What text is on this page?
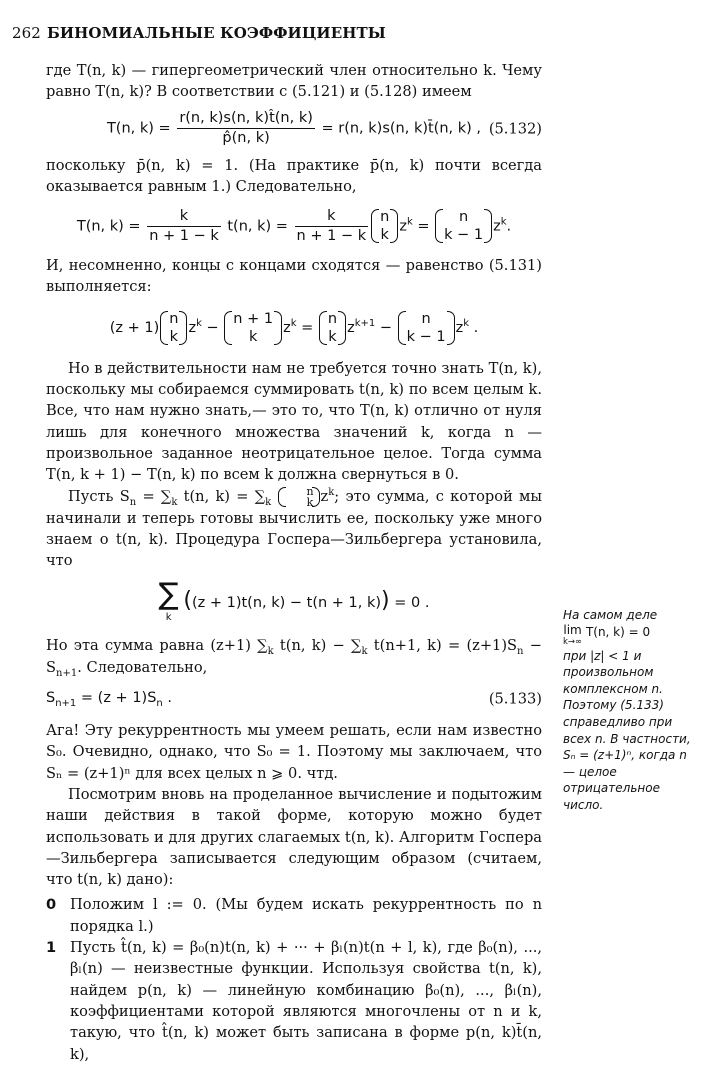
262 БИНОМИАЛЬНЫЕ КОЭФФИЦИЕНТЫ

где T(n, k) — гипергеометрический член относительно k. Чему равно T(n, k)? В соответствии с (5.121) и (5.128) имеем

T(n, $k) = \frac{r(n, k)s(n, k)t̂(n, k)}{p̂(n, k)} = r(n$, k)s(n, k)t̄(n, k) , (5.132)

поскольку p̄(n, k) = 1. (На практике p̄(n, k) почти всегда оказывается равным 1.) Следовательно,

T(n, $k) = \frac{k}{n + 1 - k} t(n$, $k) = \frac{k}{n + 1 - k}$ n
k
$z^k$ =
n
k − 1
$z^k$.

И, несомненно, концы с концами сходятся — равенство (5.131) выполняется:

(z + 1)
n
k
$z^k$ −
n + 1
k
$z^k$ =
n
k
$z^{k+1}$ −
n
k − 1
$z^k$ .

Но в действительности нам не требуется точно знать T(n, k), поскольку мы собираемся суммировать t(n, k) по всем целым k. Все, что нам нужно знать,— это то, что T(n, k) отлично от нуля лишь для конечного множества значений k, когда n — произвольное заданное неотрицательное целое. Тогда сумма T(n, k + 1) − T(n, k) по всем k должна свернуться в 0.

Пусть $S_n = \sum_k$ t(n, $k) = \sum_k$
n
k $z^k$; это сумма, с которой мы начинали и теперь готовы вычислить ее, поскольку уже много знаем о t(n, k). Процедура Госпера—Зильбергера установила, что

∑
k
((z + 1)t(n, k) − t(n + 1, k)) = 0 .

Но эта сумма равна (z+1) $\sum_k$ t(n, $k) - \sum_k$ t(n+1, $k) = (z+1)S_n - S_{n+1}$. Следовательно,

$S_{n+1} = (z + 1)S_n$ .	(5.133)

Ага! Эту рекуррентность мы умеем решать, если нам известно S₀. Очевидно, однако, что S₀ = 1. Поэтому мы заключаем, что Sₙ = (z+1)ⁿ для всех целых n ⩾ 0. чтд.

Посмотрим вновь на проделанное вычисление и подытожим наши действия в такой форме, которую можно будет использовать и для других слагаемых t(n, k). Алгоритм Госпера—Зильбергера записывается следующим образом (считаем, что t(n, k) дано):

0 Положим l := 0. (Мы будем искать рекуррентность по n порядка l.)
1 Пусть t̂(n, k) = β₀(n)t(n, k) + ··· + βₗ(n)t(n + l, k), где β₀(n), ..., βₗ(n) — неизвестные функции. Используя свойства t(n, k), найдем p(n, k) — линейную комбинацию β₀(n), ..., βₗ(n), коэффициентами которой являются многочлены от n и k, такую, что t̂(n, k) может быть записана в форме p(n, k)t̄(n, k),
На самом деле
lim
k→∞
T(n, k) = 0
при |z| < 1 и произвольном комплексном n. Поэтому (5.133) справедливо при всех n. В частности, Sₙ = (z+1)ⁿ, когда n — целое отрицательное число.
